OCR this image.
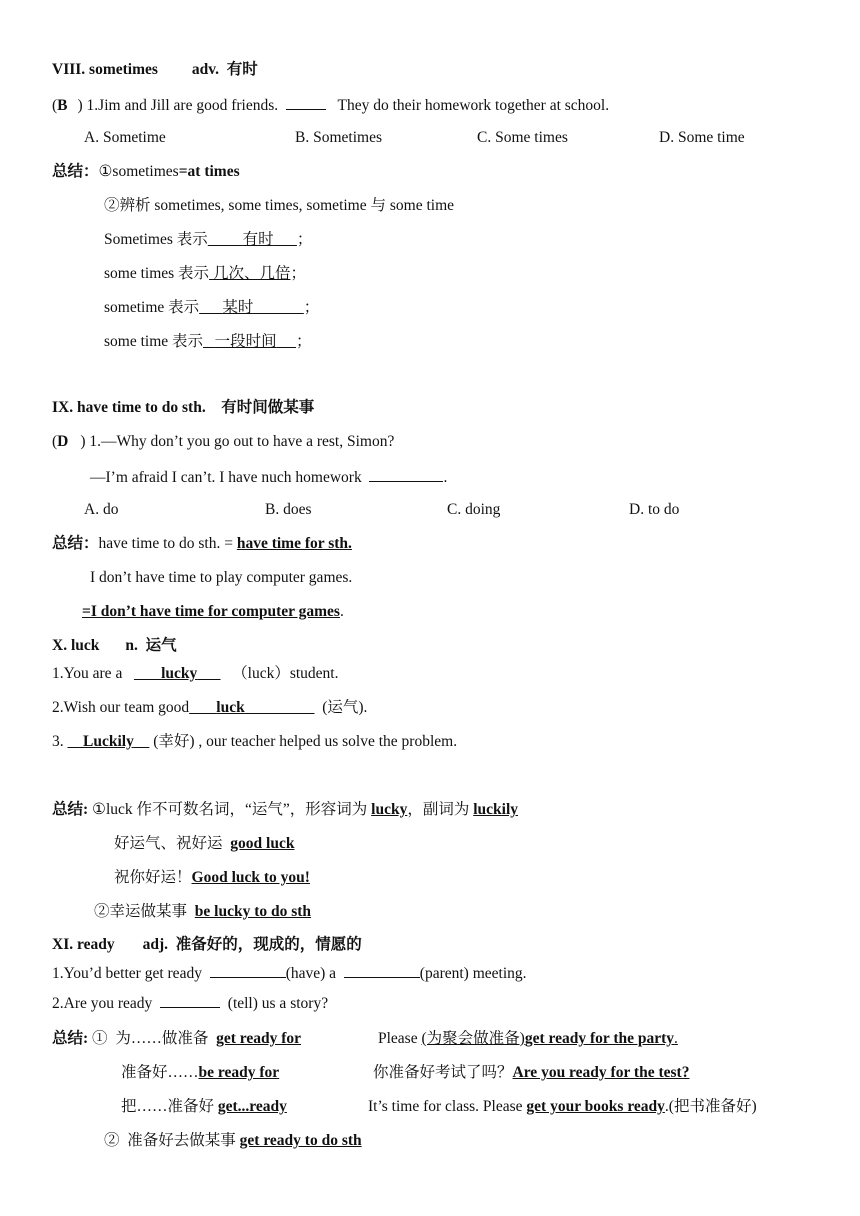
VIII. sometimes adv. 有时
(B ) 1.Jim and Jill are good friends.	They do their homework together at school.
A. Sometime	B. Sometimes	C. Some times	D. Some time
总结：①sometimes=at times
②辨析 sometimes, some times, sometime 与 some time
Sometimes 表示 有时 ；
some times 表示 几次、几倍；
sometime 表示 某时	；
some time 表示 一段时间 ；
IX. have time to do sth. 有时间做某事
(D ) 1.—Why don’t you go out to have a rest, Simon?
—I’m afraid I can’t. I have nuch homework	.
A. do	B. does	C. doing	D. to do
总结：have time to do sth. = have time for sth.
I don’t have time to play computer games.
=I don’t have time for computer games.
X. luck n. 运气
1.You are a	lucky （luck）student.
2.Wish our team good luck	(运气).
3. Luckily (幸好) , our teacher helped us solve the problem.
总结: ①luck 作不可数名词，“运气”，形容词为 lucky，副词为 luckily
好运气、祝好运 good luck
祝你好运！Good luck to you!
②幸运做某事 be lucky to do sth
XI. ready adj. 准备好的，现成的，情愿的
1.You’d better get ready	(have) a	(parent) meeting.
2.Are you ready	(tell) us a story?
总结: ① 为……做准备 get ready for	Please (为聚会做准备)get ready for the party.
准备好……be ready for	你准备好考试了吗？Are you ready for the test?
把……准备好 get...ready	It’s time for class. Please get your books ready.(把书准备好)
② 准备好去做某事 get ready to do sth
